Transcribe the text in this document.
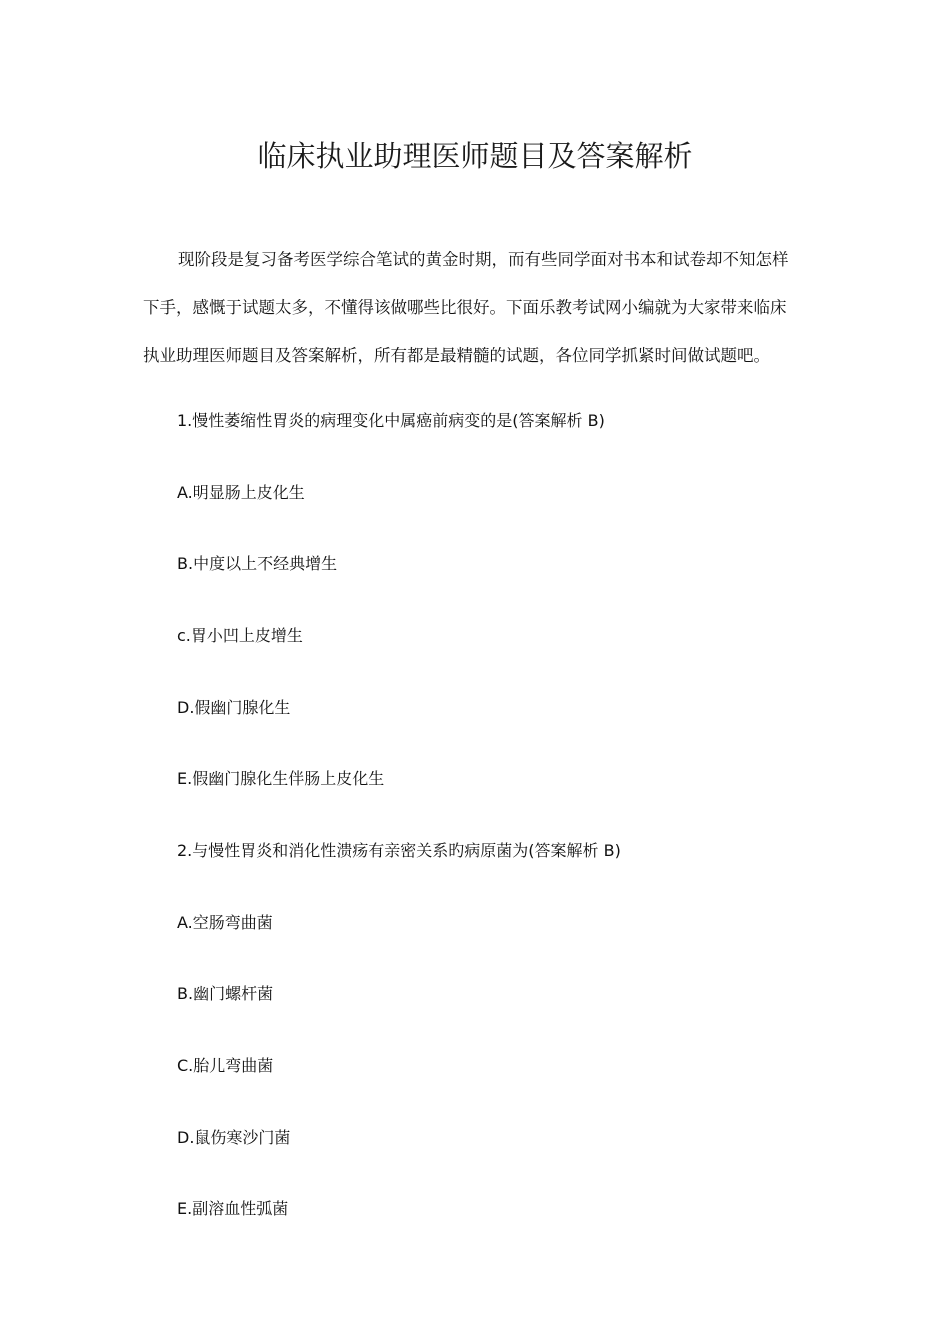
临床执业助理医师题目及答案解析
现阶段是复习备考医学综合笔试的黄金时期，而有些同学面对书本和试卷却不知怎样
下手，感慨于试题太多，不懂得该做哪些比很好。下面乐教考试网小编就为大家带来临床
执业助理医师题目及答案解析，所有都是最精髓的试题，各位同学抓紧时间做试题吧。
1.慢性萎缩性胃炎的病理变化中属癌前病变的是(答案解析 B)
A.明显肠上皮化生
B.中度以上不经典增生
c.胃小凹上皮增生
D.假幽门腺化生
E.假幽门腺化生伴肠上皮化生
2.与慢性胃炎和消化性溃疡有亲密关系旳病原菌为(答案解析 B)
A.空肠弯曲菌
B.幽门螺杆菌
C.胎儿弯曲菌
D.鼠伤寒沙门菌
E.副溶血性弧菌
